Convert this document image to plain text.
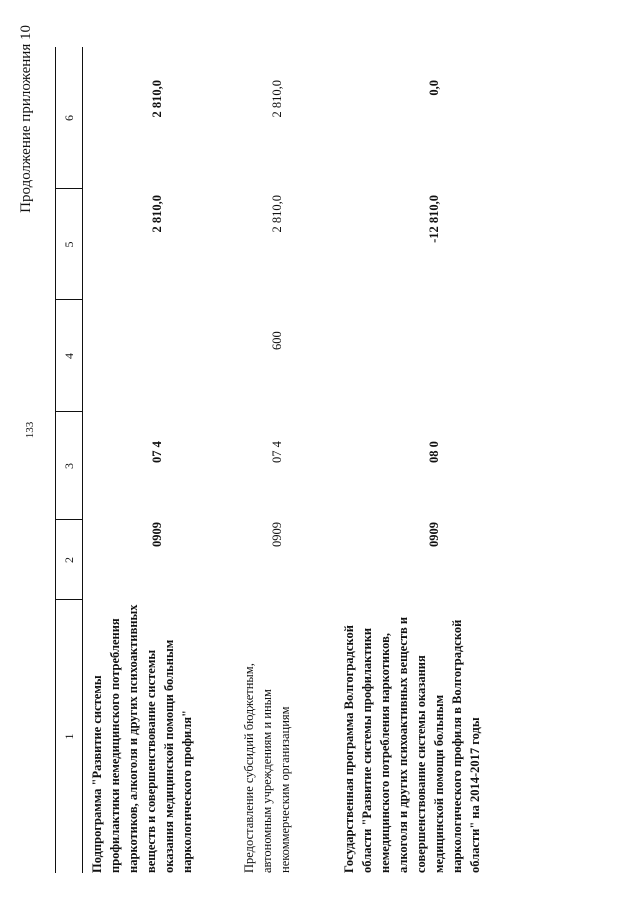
133
Продолжение приложения 10
1
2
3
4
5
6
Подпрограмма "Развитие системы профилактики немедицинского потребления наркотиков, алкоголя и других психоактивных веществ и совершенствование системы оказания медицинской помощи больным наркологического профиля"
0909
07 4
2 810,0
2 810,0
Предоставление субсидий бюджетным, автономным учреждениям и иным некоммерческим организациям
0909
07 4
600
2 810,0
2 810,0
Государственная программа Волгоградской области "Развитие системы профилактики немедицинского потребления наркотиков, алкоголя и других психоактивных веществ и совершенствование системы оказания медицинской помощи больным наркологического профиля в Волгоградской области" на 2014-2017 годы
0909
08 0
-12 810,0
0,0
